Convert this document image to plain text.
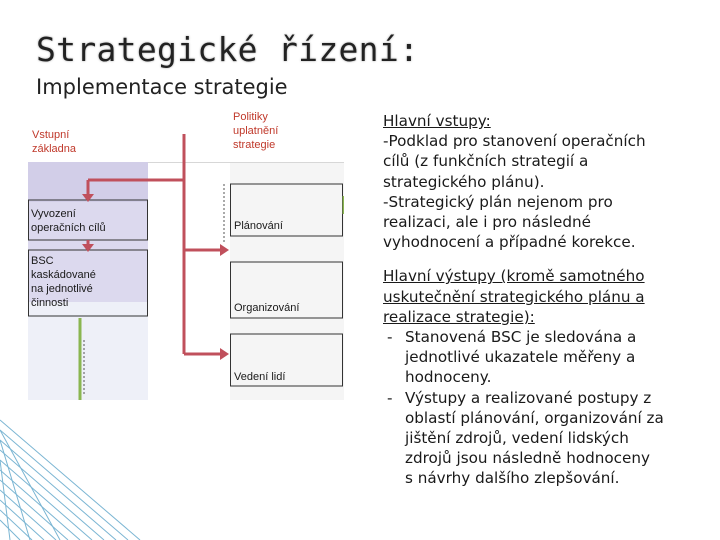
Strategické řízení:
Implementace strategie
Vstupní
základna
Politiky
uplatnění
strategie
Vyvození
operačních cílů
BSC
kaskádované
na jednotlivé
činnosti
Plánování
Organizování
Vedení lidí
Hlavní vstupy:
-Podklad pro stanovení operačních
cílů (z funkčních strategií a
strategického plánu).
-Strategický plán nejenom pro
realizaci, ale i pro následné
vyhodnocení a případné korekce.
Hlavní výstupy (kromě samotného
uskutečnění strategického plánu a
realizace strategie):
- Stanovená BSC je sledována a
jednotlivé ukazatele měřeny a
hodnoceny.
- Výstupy a realizované postupy z
oblastí plánování, organizování za
jištění zdrojů, vedení lidských
zdrojů jsou následně hodnoceny
s návrhy dalšího zlepšování.
